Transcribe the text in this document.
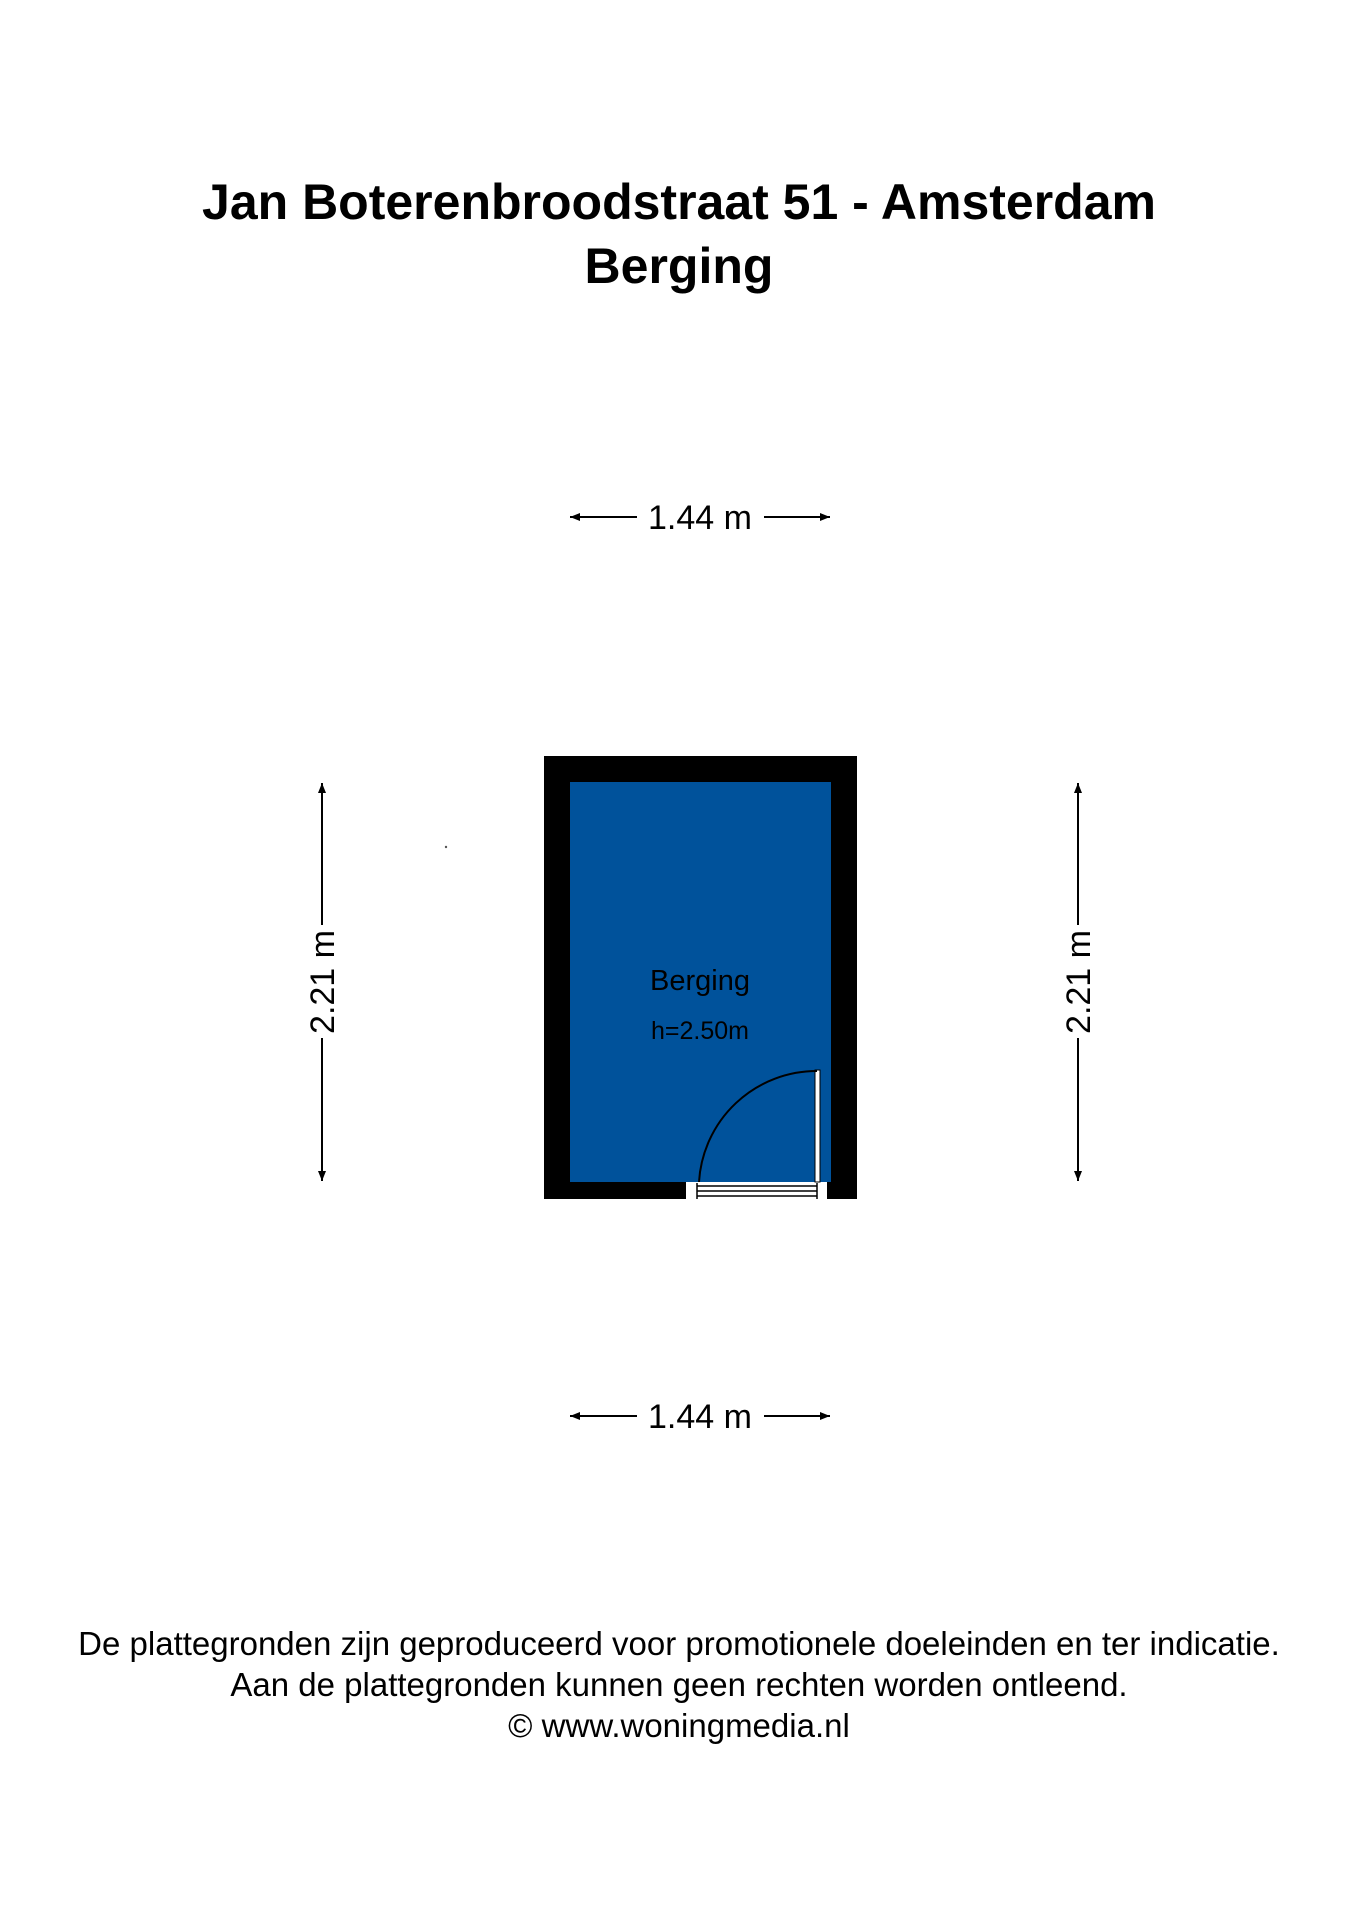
Jan Boterenbroodstraat 51 - Amsterdam
Berging
1.44 m
1.44 m
2.21 m	2.21 m
Berging
h=2.50m
De plattegronden zijn geproduceerd voor promotionele doeleinden en ter indicatie.
Aan de plattegronden kunnen geen rechten worden ontleend.
© www.woningmedia.nl
